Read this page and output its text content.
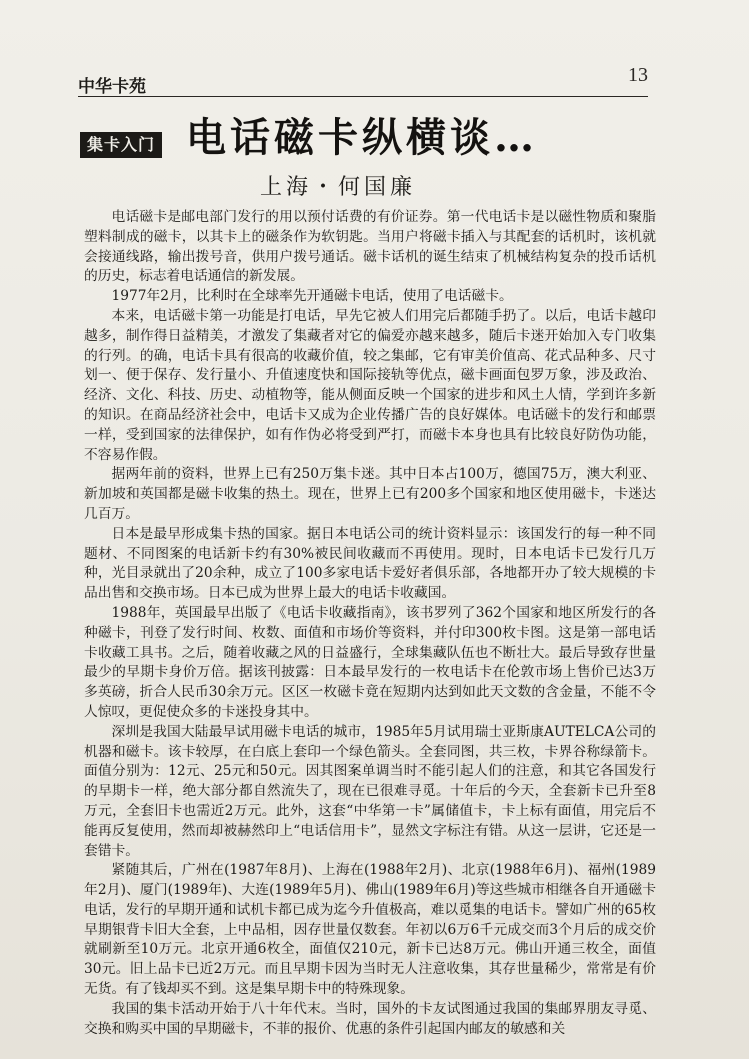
中华卡苑
13
集卡入门 电话磁卡纵横谈…
上海・何国廉

电话磁卡是邮电部门发行的用以预付话费的有价证券。第一代电话卡是以磁性物质和聚脂塑料制成的磁卡，以其卡上的磁条作为软钥匙。当用户将磁卡插入与其配套的话机时，该机就会接通线路，输出拨号音，供用户拨号通话。磁卡话机的诞生结束了机械结构复杂的投币话机的历史，标志着电话通信的新发展。

1977年2月，比利时在全球率先开通磁卡电话，使用了电话磁卡。

本来，电话磁卡第一功能是打电话，早先它被人们用完后都随手扔了。以后，电话卡越印越多，制作得日益精美，才激发了集藏者对它的偏爱亦越来越多，随后卡迷开始加入专门收集的行列。的确，电话卡具有很高的收藏价值，较之集邮，它有审美价值高、花式品种多、尺寸划一、便于保存、发行量小、升值速度快和国际接轨等优点，磁卡画面包罗万象，涉及政治、经济、文化、科技、历史、动植物等，能从侧面反映一个国家的进步和风土人情，学到许多新的知识。在商品经济社会中，电话卡又成为企业传播广告的良好媒体。电话磁卡的发行和邮票一样，受到国家的法律保护，如有作伪必将受到严打，而磁卡本身也具有比较良好防伪功能，不容易作假。

据两年前的资料，世界上已有250万集卡迷。其中日本占100万，德国75万，澳大利亚、新加坡和英国都是磁卡收集的热土。现在，世界上已有200多个国家和地区使用磁卡，卡迷达几百万。

日本是最早形成集卡热的国家。据日本电话公司的统计资料显示：该国发行的每一种不同题材、不同图案的电话新卡约有30%被民间收藏而不再使用。现时，日本电话卡已发行几万种，光目录就出了20余种，成立了100多家电话卡爱好者俱乐部，各地都开办了较大规模的卡品出售和交换市场。日本已成为世界上最大的电话卡收藏国。

1988年，英国最早出版了《电话卡收藏指南》，该书罗列了362个国家和地区所发行的各种磁卡，刊登了发行时间、枚数、面值和市场价等资料，并付印300枚卡图。这是第一部电话卡收藏工具书。之后，随着收藏之风的日益盛行，全球集藏队伍也不断壮大。最后导致存世量最少的早期卡身价万倍。据该刊披露：日本最早发行的一枚电话卡在伦敦市场上售价已达3万多英磅，折合人民币30余万元。区区一枚磁卡竟在短期内达到如此天文数的含金量，不能不令人惊叹，更促使众多的卡迷投身其中。

深圳是我国大陆最早试用磁卡电话的城市，1985年5月试用瑞士亚斯康AUTELCA公司的机器和磁卡。该卡较厚，在白底上套印一个绿色箭头。全套同图，共三枚，卡界谷称绿箭卡。面值分别为：12元、25元和50元。因其图案单调当时不能引起人们的注意，和其它各国发行的早期卡一样，绝大部分都自然流失了，现在已很难寻觅。十年后的今天，全套新卡已升至8万元，全套旧卡也需近2万元。此外，这套“中华第一卡”属储值卡，卡上标有面值，用完后不能再反复使用，然而却被赫然印上“电话信用卡”，显然文字标注有错。从这一层讲，它还是一套错卡。

紧随其后，广州在(1987年8月)、上海在(1988年2月)、北京(1988年6月)、福州(1989年2月)、厦门(1989年)、大连(1989年5月)、佛山(1989年6月)等这些城市相继各自开通磁卡电话，发行的早期开通和试机卡都已成为迄今升值极高，难以觅集的电话卡。譬如广州的65枚早期银背卡旧大全套，上中品相，因存世量仅数套。年初以6万6千元成交而3个月后的成交价就刷新至10万元。北京开通6枚全，面值仅210元，新卡已达8万元。佛山开通三枚全，面值30元。旧上品卡已近2万元。而且早期卡因为当时无人注意收集，其存世量稀少，常常是有价无货。有了钱却买不到。这是集早期卡中的特殊现象。

我国的集卡活动开始于八十年代末。当时，国外的卡友试图通过我国的集邮界朋友寻觅、交换和购买中国的早期磁卡，不菲的报价、优惠的条件引起国内邮友的敏感和关
